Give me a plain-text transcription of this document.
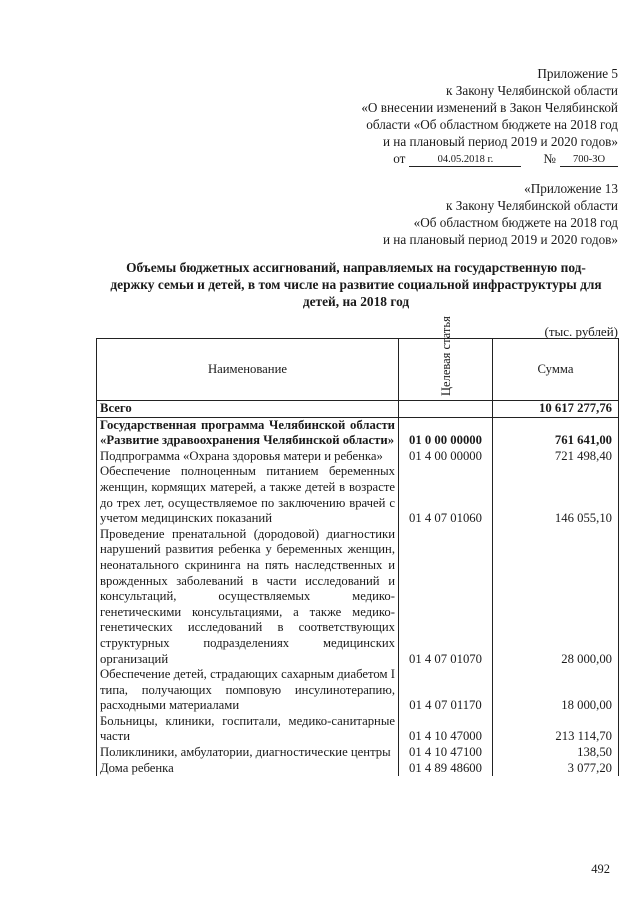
Приложение 5
к Закону Челябинской области
«О внесении изменений в Закон Челябинской
области «Об областном бюджете на 2018 год
и на плановый период 2019 и 2020 годов»
от	04.05.2018 г.	№	700-ЗО
«Приложение 13
к Закону Челябинской области
«Об областном бюджете на 2018 год
и на плановый период 2019 и 2020 годов»
Объемы бюджетных ассигнований, направляемых на государственную под-держку семьи и детей, в том числе на развитие социальной инфраструктуры для детей, на 2018 год
(тыс. рублей)
Наименование	Целевая статья	Сумма
Всего		10 617 277,76
Государственная программа Челябинской области «Развитие здравоохранения Челябинской области»	01 0 00 00000	761 641,00
Подпрограмма «Охрана здоровья матери и ребенка»	01 4 00 00000	721 498,40
Обеспечение полноценным питанием беременных женщин, кормящих матерей, а также детей в возрасте до трех лет, осуществляемое по заключению врачей с учетом медицинских показаний	01 4 07 01060	146 055,10
Проведение пренатальной (дородовой) диагностики нарушений развития ребенка у беременных женщин, неонатального скрининга на пять наследственных и врожденных заболеваний в части исследований и консультаций, осуществляемых медико-генетическими консультациями, а также медико-генетических исследований в соответствующих структурных подразделениях медицинских организаций	01 4 07 01070	28 000,00
Обеспечение детей, страдающих сахарным диабетом I типа, получающих помповую инсулинотерапию, расходными материалами	01 4 07 01170	18 000,00
Больницы, клиники, госпитали, медико-санитарные части	01 4 10 47000	213 114,70
Поликлиники, амбулатории, диагностические центры	01 4 10 47100	138,50
Дома ребенка	01 4 89 48600	3 077,20
492
